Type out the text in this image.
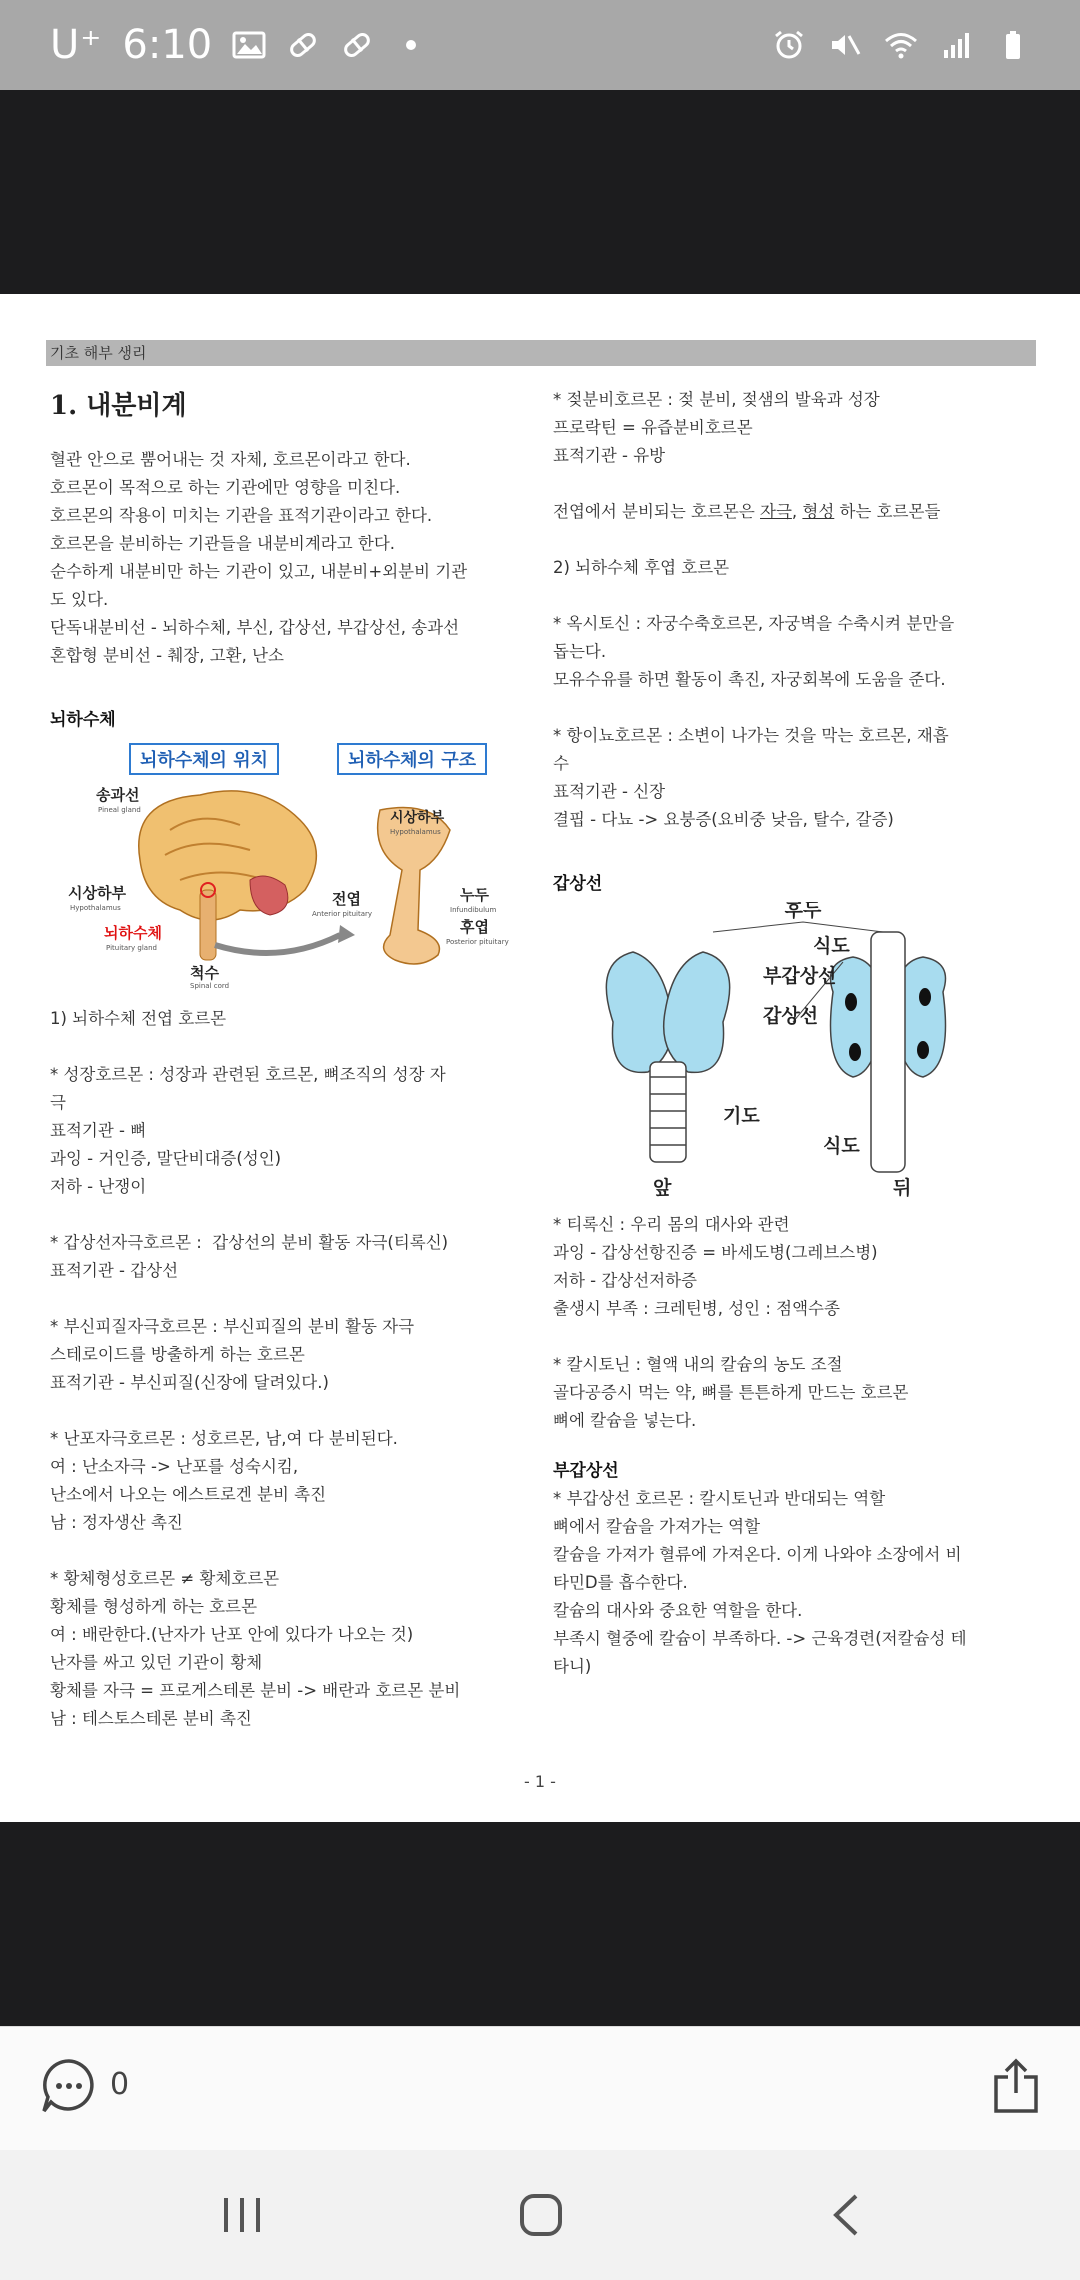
U⁺ 6:10
기초 해부 생리
1. 내분비계
혈관 안으로 뿜어내는 것 자체, 호르몬이라고 한다.
호르몬이 목적으로 하는 기관에만 영향을 미친다.
호르몬의 작용이 미치는 기관을 표적기관이라고 한다.
호르몬을 분비하는 기관들을 내분비계라고 한다.
순수하게 내분비만 하는 기관이 있고, 내분비+외분비 기관
도 있다.
단독내분비선 - 뇌하수체, 부신, 갑상선, 부갑상선, 송과선
혼합형 분비선 - 췌장, 고환, 난소
뇌하수체
뇌하수체의 위치	뇌하수체의 구조
송과선
Pineal gland
시상하부
Hypothalamus
뇌하수체
Pituitary gland
척수
Spinal cord
시상하부
Hypothalamus
전엽
Anterior pituitary
누두
Infundibulum
후엽
Posterior pituitary
1) 뇌하수체 전엽 호르몬
* 성장호르몬 : 성장과 관련된 호르몬, 뼈조직의 성장 자
극
표적기관 - 뼈
과잉 - 거인증, 말단비대증(성인)
저하 - 난쟁이
* 갑상선자극호르몬 :  갑상선의 분비 활동 자극(티록신)
표적기관 - 갑상선
* 부신피질자극호르몬 : 부신피질의 분비 활동 자극
스테로이드를 방출하게 하는 호르몬
표적기관 - 부신피질(신장에 달려있다.)
* 난포자극호르몬 : 성호르몬, 남,여 다 분비된다.
여 : 난소자극 -> 난포를 성숙시킴,
난소에서 나오는 에스트로겐 분비 촉진
남 : 정자생산 촉진
* 황체형성호르몬 ≠ 황체호르몬
황체를 형성하게 하는 호르몬
여 : 배란한다.(난자가 난포 안에 있다가 나오는 것)
난자를 싸고 있던 기관이 황체
황체를 자극 = 프로게스테론 분비 -> 배란과 호르몬 분비
남 : 테스토스테론 분비 촉진
* 젖분비호르몬 : 젖 분비, 젖샘의 발육과 성장
프로락틴 = 유즙분비호르몬
표적기관 - 유방
전엽에서 분비되는 호르몬은 자극, 형성 하는 호르몬들
2) 뇌하수체 후엽 호르몬
* 옥시토신 : 자궁수축호르몬, 자궁벽을 수축시켜 분만을
돕는다.
모유수유를 하면 활동이 촉진, 자궁회복에 도움을 준다.
* 항이뇨호르몬 : 소변이 나가는 것을 막는 호르몬, 재흡
수
표적기관 - 신장
결핍 - 다뇨 -> 요붕증(요비중 낮음, 탈수, 갈증)
갑상선
후두
식도
부갑상선
갑상선
기도
식도
앞	뒤
* 티록신 : 우리 몸의 대사와 관련
과잉 - 갑상선항진증 = 바세도병(그레브스병)
저하 - 갑상선저하증
출생시 부족 : 크레틴병, 성인 : 점액수종
* 칼시토닌 : 혈액 내의 칼슘의 농도 조절
골다공증시 먹는 약, 뼈를 튼튼하게 만드는 호르몬
뼈에 칼슘을 넣는다.
부갑상선
* 부갑상선 호르몬 : 칼시토닌과 반대되는 역할
뼈에서 칼슘을 가져가는 역할
칼슘을 가져가 혈류에 가져온다. 이게 나와야 소장에서 비
타민D를 흡수한다.
칼슘의 대사와 중요한 역할을 한다.
부족시 혈중에 칼슘이 부족하다. -> 근육경련(저칼슘성 테
타니)
- 1 -
0
